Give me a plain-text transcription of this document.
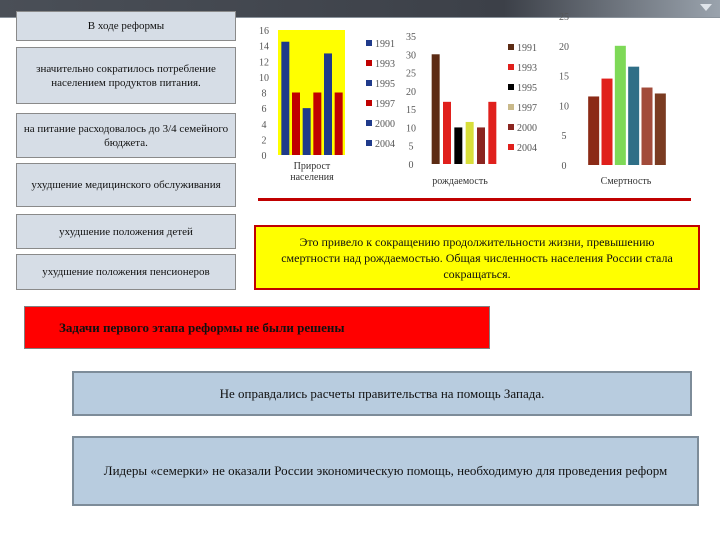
В ходе реформы
значительно сократилось потребление населением продуктов питания.
на питание расходовалось до 3/4 семейного бюджета.
ухудшение медицинского обслуживания
ухудшение положения детей
ухудшение положения пенсионеров
0
2
4
6
8
10
12
14
16
Прирост
населения
1991
1993
1995
1997
2000
2004
0
5
10
15
20
25
30
35
рождаемость
1991
1993
1995
1997
2000
2004
0
5
10
15
20
25
Смертность
Это привело к сокращению продолжительности жизни, превышению смертности над рождаемостью. Общая численность населения России стала сокращаться.
Задачи первого этапа реформы не были решены
Не оправдались расчеты правительства на помощь Запада.
Лидеры «семерки» не оказали России экономическую помощь, необходимую для проведения реформ
